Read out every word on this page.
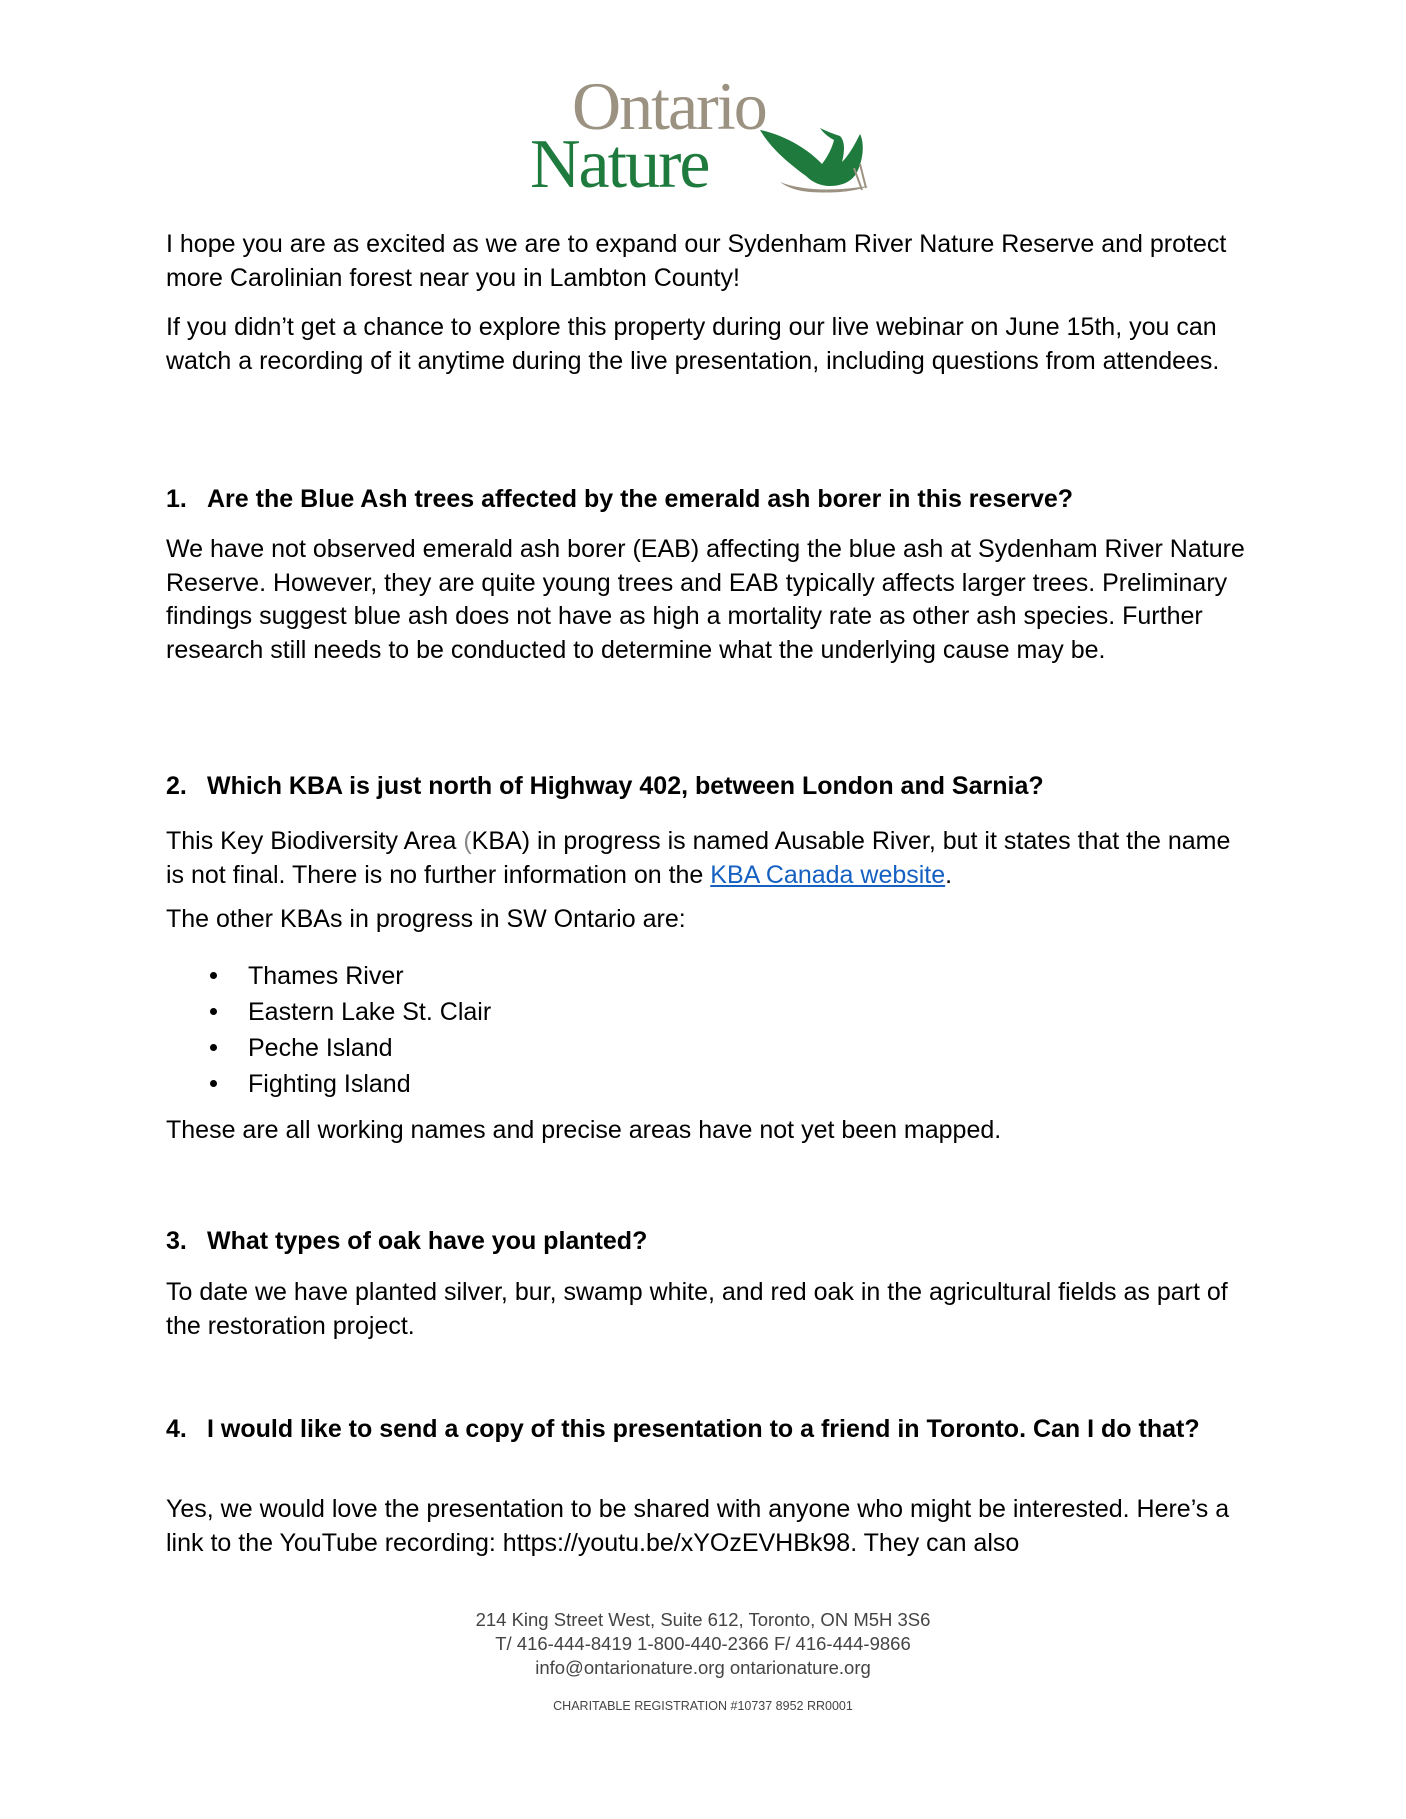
Ontario
Nature

I hope you are as excited as we are to expand our Sydenham River Nature Reserve and protect more Carolinian forest near you in Lambton County!

If you didn’t get a chance to explore this property during our live webinar on June 15th, you can watch a recording of it anytime during the live presentation, including questions from attendees.

1. Are the Blue Ash trees affected by the emerald ash borer in this reserve?

We have not observed emerald ash borer (EAB) affecting the blue ash at Sydenham River Nature Reserve. However, they are quite young trees and EAB typically affects larger trees. Preliminary findings suggest blue ash does not have as high a mortality rate as other ash species. Further research still needs to be conducted to determine what the underlying cause may be.

2. Which KBA is just north of Highway 402, between London and Sarnia?

This Key Biodiversity Area (KBA) in progress is named Ausable River, but it states that the name is not final. There is no further information on the KBA Canada website.

The other KBAs in progress in SW Ontario are:

Thames River
Eastern Lake St. Clair
Peche Island
Fighting Island

These are all working names and precise areas have not yet been mapped.

3. What types of oak have you planted?

To date we have planted silver, bur, swamp white, and red oak in the agricultural fields as part of the restoration project.

4. I would like to send a copy of this presentation to a friend in Toronto. Can I do that?

Yes, we would love the presentation to be shared with anyone who might be interested. Here’s a link to the YouTube recording: https://youtu.be/xYOzEVHBk98. They can also

214 King Street West, Suite 612, Toronto, ON M5H 3S6
T/ 416-444-8419 1-800-440-2366 F/ 416-444-9866
info@ontarionature.org ontarionature.org
CHARITABLE REGISTRATION #10737 8952 RR0001
